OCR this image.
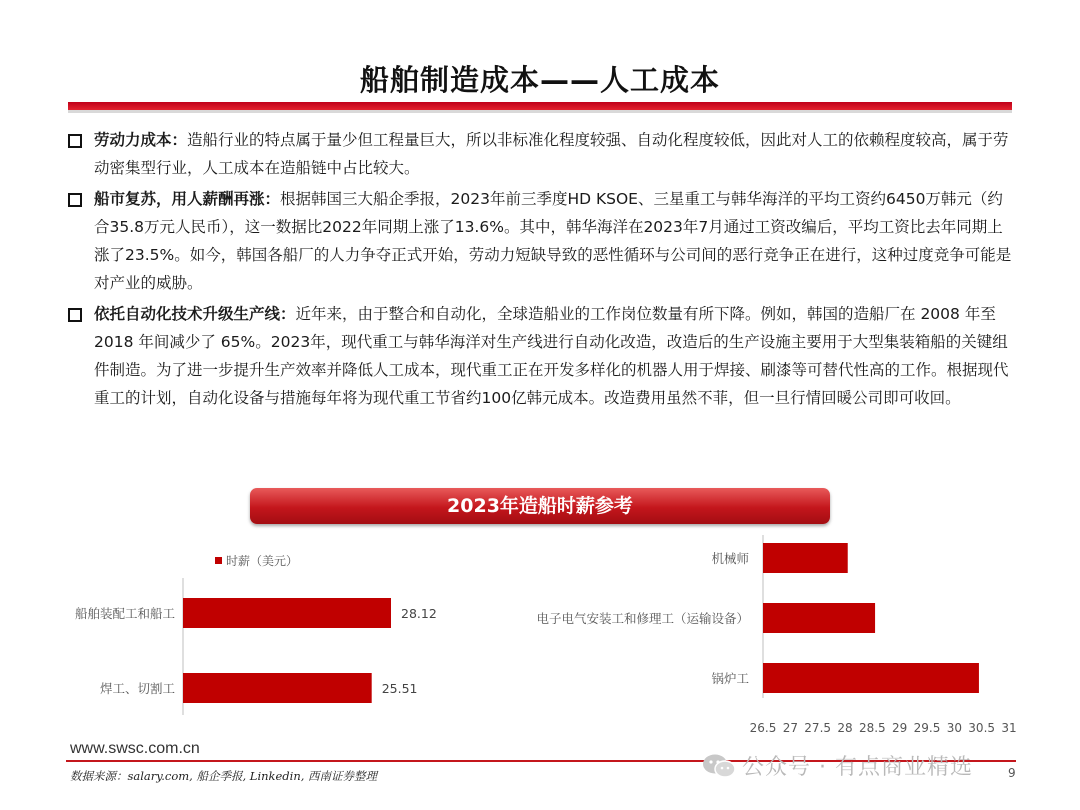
船舶制造成本——人工成本

劳动力成本：造船行业的特点属于量少但工程量巨大，所以非标准化程度较强、自动化程度较低，因此对人工的依赖程度较高，属于劳动密集型行业，人工成本在造船链中占比较大。

船市复苏，用人薪酬再涨：根据韩国三大船企季报，2023年前三季度HD KSOE、三星重工与韩华海洋的平均工资约6450万韩元（约合35.8万元人民币），这一数据比2022年同期上涨了13.6%。其中，韩华海洋在2023年7月通过工资改编后，平均工资比去年同期上涨了23.5%。如今，韩国各船厂的人力争夺正式开始，劳动力短缺导致的恶性循环与公司间的恶行竞争正在进行，这种过度竞争可能是对产业的威胁。

依托自动化技术升级生产线：近年来，由于整合和自动化，全球造船业的工作岗位数量有所下降。例如，韩国的造船厂在 2008 年至 2018 年间减少了 65%。2023年，现代重工与韩华海洋对生产线进行自动化改造，改造后的生产设施主要用于大型集装箱船的关键组件制造。为了进一步提升生产效率并降低人工成本，现代重工正在开发多样化的机器人用于焊接、刷漆等可替代性高的工作。根据现代重工的计划，自动化设备与措施每年将为现代重工节省约100亿韩元成本。改造费用虽然不菲，但一旦行情回暖公司即可收回。

2023年造船时薪参考
时薪（美元）
船舶装配工和船工	28.12
焊工、切割工	25.51
机械师
电子电气安装工和修理工（运输设备）
锅炉工
26.5 27 27.5 28 28.5 29 29.5 30 30.5 31
www.swsc.com.cn
数据来源：salary.com, 船企季报, Linkedin, 西南证券整理	公众号 · 有点商业精选	9
